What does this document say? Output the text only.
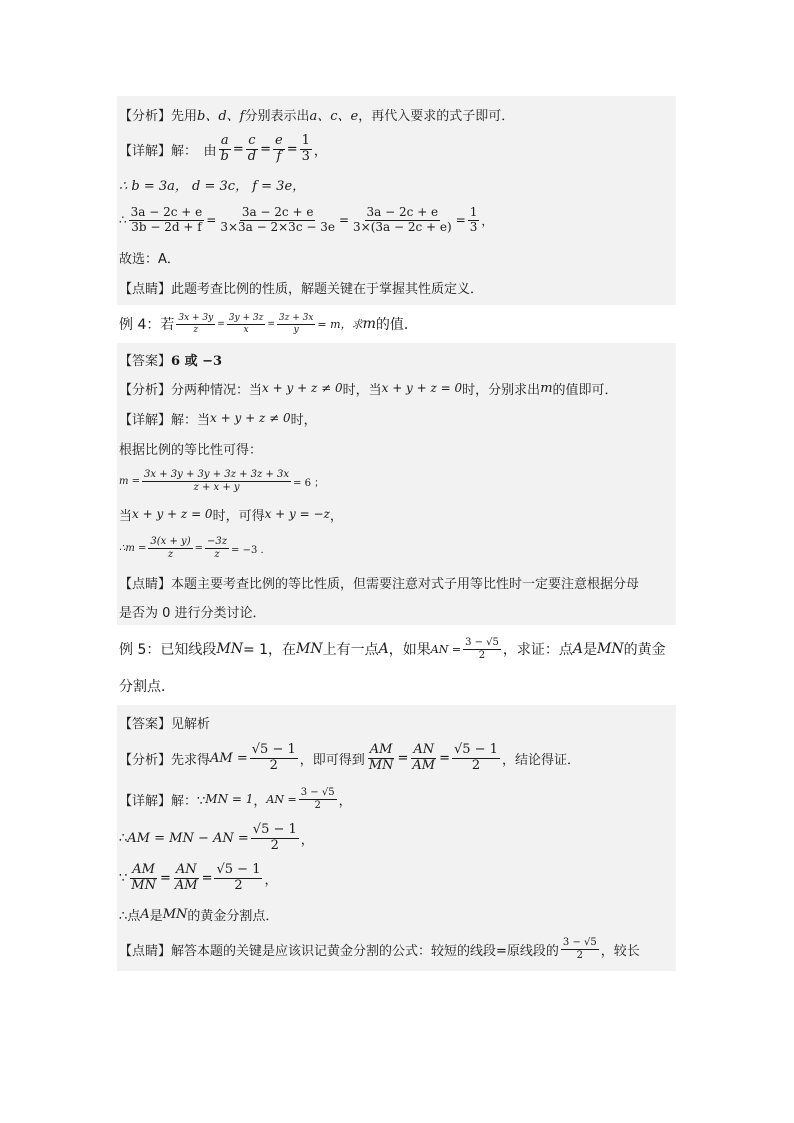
【分析】 先用 b、d、f 分别表示出 a、c、e ，再代入要求的式子即可．
【详解】 解：　由 $\frac{a}{b} = \frac{c}{d} = \frac{e}{f} = \frac{1}{3}$ ，
∴ b = 3a， d = 3c， f = 3e，
∴ $\frac{3a - 2c + e}{3b - 2d + f} = \frac{3a - 2c + e}{3\times 3a - 2\times 3c - 3e} = \frac{3a - 2c + e}{3\times(3a - 2c + e)} = \frac{1}{3}$ ，
故选：A．
【点睛】 此题考查比例的性质，解题关键在于掌握其性质定义．
例 4：若 $\frac{3x + 3y}{z} = \frac{3y + 3z}{x} = \frac{3z + 3x}{y} = m$，求 m 的值．
【答案】 6 或 −3
【分析】 分两种情况：当 x + y + z ≠ 0 时，当 x + y + z = 0 时，分别求出 m 的值即可．
【详解】 解：当 x + y + z ≠ 0 时，
根据比例的等比性可得：
$m = \frac{3x + 3y + 3y + 3z + 3z + 3x}{z + x + y} = 6$ ；
当 x + y + z = 0 时，可得 x + y = −z ，
∴m = $\frac{3(x + y)}{z} = \frac{-3z}{z} = -3$ ．
【点睛】 本题主要考查比例的等比性质，但需要注意对式子用等比性时一定要注意根据分母
是否为 0 进行分类讨论．
例 5：已知线段 MN = 1，在 MN 上有一点 A ，如果 AN = $\frac{3 - √5}{2}$ ，求证：点 A 是 MN 的黄金
分割点．
【答案】 见解析
【分析】 先求得 AM = $\frac{√5 - 1}{2}$ ，即可得到 $\frac{AM}{MN} = \frac{AN}{AM} = \frac{√5 - 1}{2}$ ，结论得证．
【详解】 解：∵ MN = 1 ， AN = $\frac{3 - √5}{2}$ ，
∴ AM = MN − AN = $\frac{√5 - 1}{2}$ ，
∵ $\frac{AM}{MN} = \frac{AN}{AM} = \frac{√5 - 1}{2}$ ，
∴点 A 是 MN 的黄金分割点．
【点睛】 解答本题的关键是应该识记黄金分割的公式：较短的线段=原线段的 $\frac{3 - √5}{2}$ ，较长
